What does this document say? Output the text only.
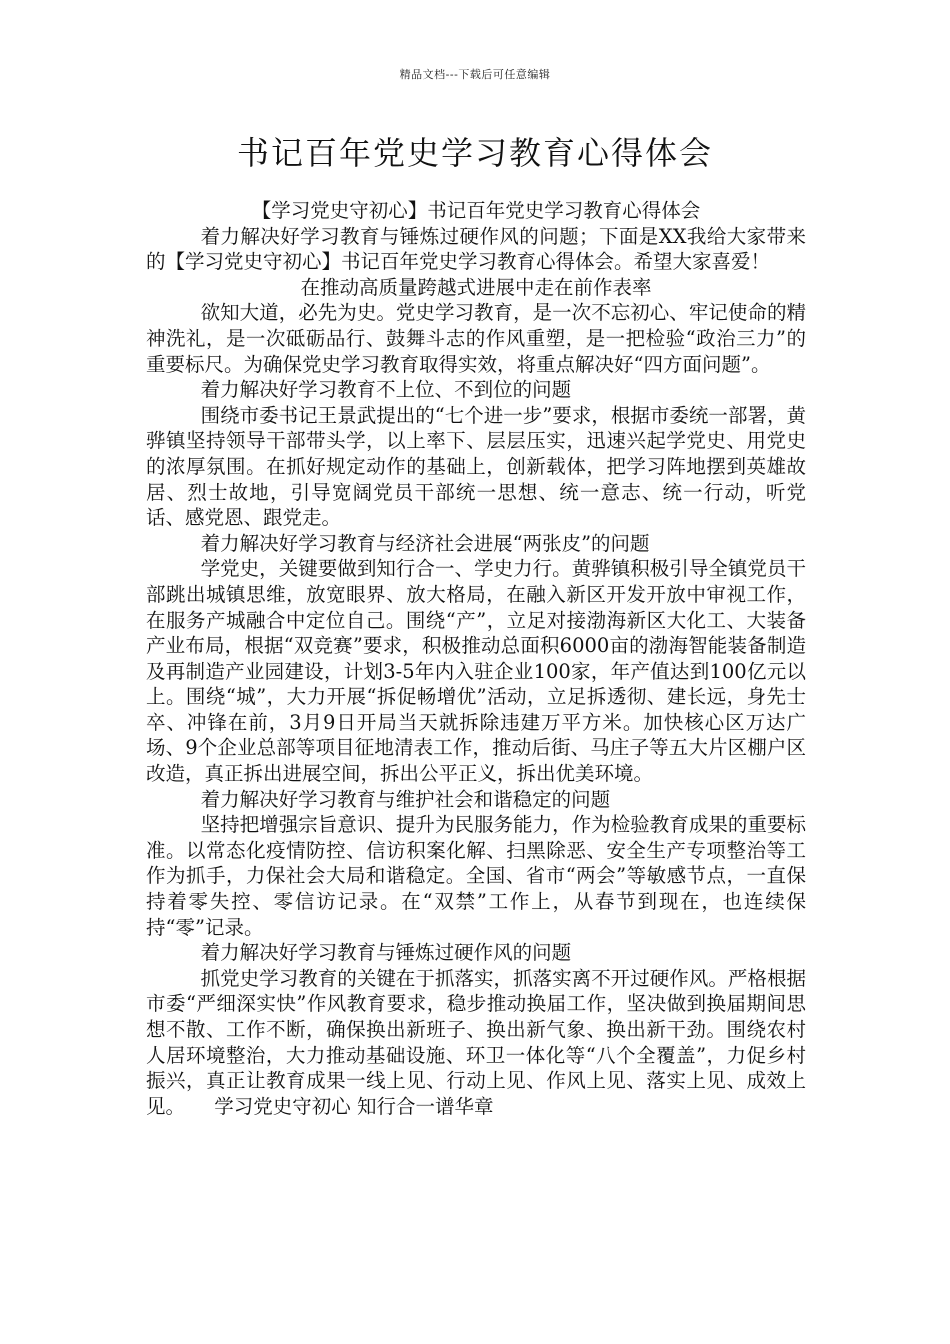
精品文档---下载后可任意编辑
书记百年党史学习教育心得体会

【学习党史守初心】书记百年党史学习教育心得体会

着力解决好学习教育与锤炼过硬作风的问题；下面是XX我给大家带来的【学习党史守初心】书记百年党史学习教育心得体会。希望大家喜爱！

在推动高质量跨越式进展中走在前作表率

欲知大道，必先为史。党史学习教育，是一次不忘初心、牢记使命的精神洗礼，是一次砥砺品行、鼓舞斗志的作风重塑，是一把检验“政治三力”的重要标尺。为确保党史学习教育取得实效，将重点解决好“四方面问题”。

着力解决好学习教育不上位、不到位的问题

围绕市委书记王景武提出的“七个进一步”要求，根据市委统一部署，黄骅镇坚持领导干部带头学，以上率下、层层压实，迅速兴起学党史、用党史的浓厚氛围。在抓好规定动作的基础上，创新载体，把学习阵地摆到英雄故居、烈士故地，引导宽阔党员干部统一思想、统一意志、统一行动，听党话、感党恩、跟党走。

着力解决好学习教育与经济社会进展“两张皮”的问题

学党史，关键要做到知行合一、学史力行。黄骅镇积极引导全镇党员干部跳出城镇思维，放宽眼界、放大格局，在融入新区开发开放中审视工作，在服务产城融合中定位自己。围绕“产”，立足对接渤海新区大化工、大装备产业布局，根据“双竞赛”要求，积极推动总面积6000亩的渤海智能装备制造及再制造产业园建设，计划3-5年内入驻企业100家，年产值达到100亿元以上。围绕“城”，大力开展“拆促畅增优”活动，立足拆透彻、建长远，身先士卒、冲锋在前，3月9日开局当天就拆除违建万平方米。加快核心区万达广场、9个企业总部等项目征地清表工作，推动后街、马庄子等五大片区棚户区改造，真正拆出进展空间，拆出公平正义，拆出优美环境。

着力解决好学习教育与维护社会和谐稳定的问题

坚持把增强宗旨意识、提升为民服务能力，作为检验教育成果的重要标准。以常态化疫情防控、信访积案化解、扫黑除恶、安全生产专项整治等工作为抓手，力保社会大局和谐稳定。全国、省市“两会”等敏感节点，一直保持着零失控、零信访记录。在“双禁”工作上，从春节到现在，也连续保持“零”记录。

着力解决好学习教育与锤炼过硬作风的问题

抓党史学习教育的关键在于抓落实，抓落实离不开过硬作风。严格根据市委“严细深实快”作风教育要求，稳步推动换届工作，坚决做到换届期间思想不散、工作不断，确保换出新班子、换出新气象、换出新干劲。围绕农村人居环境整治，大力推动基础设施、环卫一体化等“八个全覆盖”，力促乡村振兴，真正让教育成果一线上见、行动上见、作风上见、落实上见、成效上见。　　学习党史守初心 知行合一谱华章
